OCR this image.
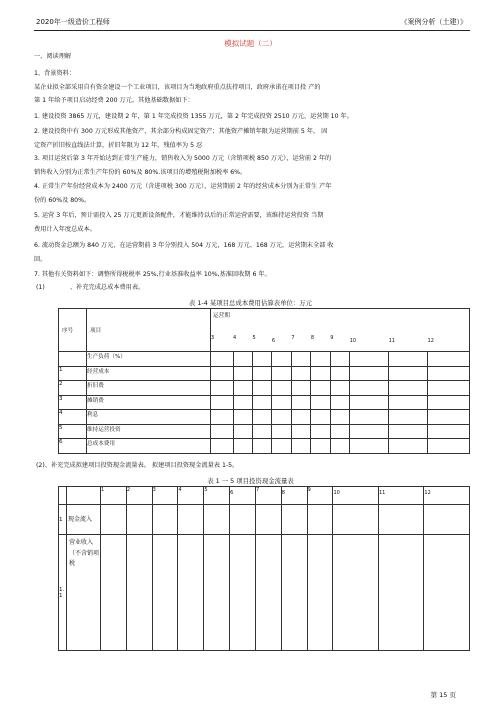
2020年一级造价工程师	《案例分析（土建）》
模拟试题（二）
一、阅读理解
1、背景资料：
某企业拟全部采用自有资金建设一个工业项目，该项目为当地政府重点扶持项目，政府承诺在项目投 产的
第 1 年给予项目启动经费 200 万元。其他基础数据如下：
1. 建设投资 3865 万元，建设期 2 年，第 1 年完成投资 1355 万元，第 2 年完成投资 2510 万元，运营期 10 年。
2. 建设投资中有 300 万元形成其他资产，其余部分构成固定资产；其他资产摊销年限为运营期前 5 年， 固
定资产折旧按直线法计算，折旧年限为 12 年，残值率为 5 忍
3. 项目运营后第 3 年开始达到正常生产能力，销售收入为 5000 万元（含销项税 850 万元），运营前 2 年的
销售收入分别为正常生产年份的 60%及 80%.该项目的增殖税附加税率 6%。
4. 正常生产年份经营成本为 2400 万元（含进项税 300 万元），运营期前 2 年的经营成本分别为正常生 产年
份的 60%及 80%。
5. 运营 3 年后，预计需投入 25 万元更新设备配件，才能维持以后的正常运营需要，该维持运营投资 当期
费用计入年度总成本。
6. 流动资金总额为 840 万元，在运营期前 3 年分别投入 504 万元，168 万元、168 万元，运营期末全部 收
回。
7. 其他有关资料如下：调整所得税税率 25%,行业基准收益率 10%,基准回收期 6 年。
(1)	、补充完成总成本费用表。
表 1-4 某项目总成本费用估算表单位：万元
序号	项目	运营期									
		3	4	5	6	7	8	9	10	11	12
	生产负荷（%）										
1	经营成本										
2	折旧费										
3	摊销费										
4	利息										
5	维持运营投资										
6	总成本费用										
(2)、补充完成拟建项目投资现金流量表。 拟建项目投资现金流量表 1-5。
表 1 一 5 项目投资现金流量表
		1	2	3	4	5	6	7	8	9	10	11	12
1	现金流入												
1.1	营业收入（不含销项税												
第 15 页
